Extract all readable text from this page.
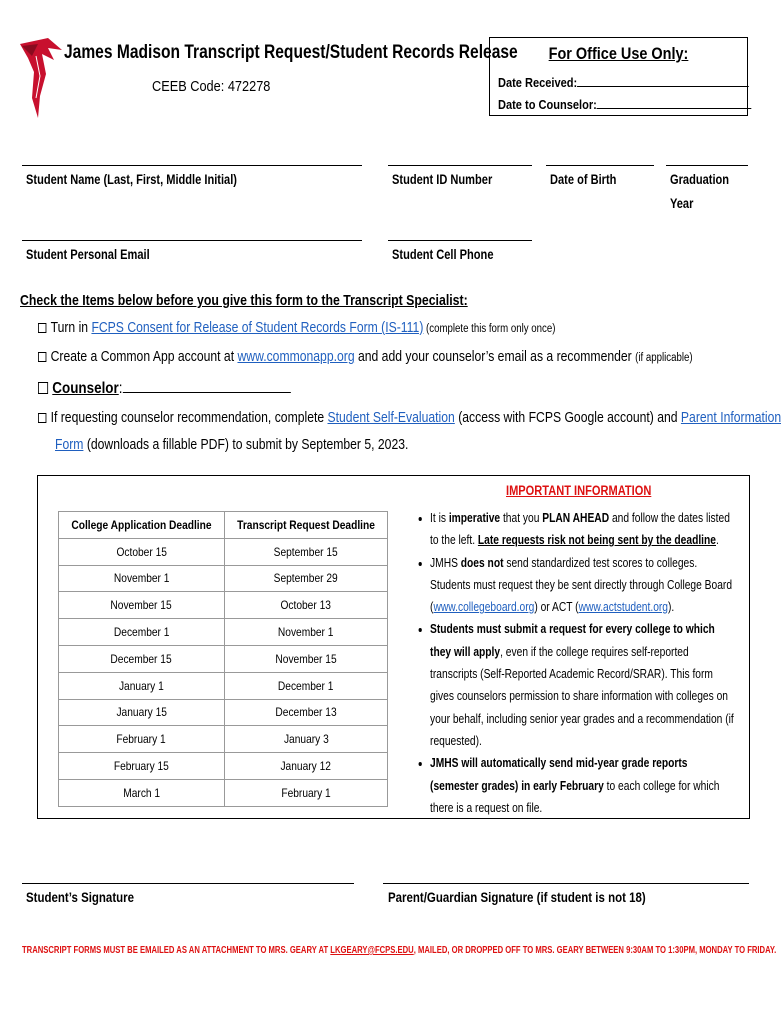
James Madison Transcript Request/Student Records Release
CEEB Code: 472278
For Office Use Only:
Date Received:
Date to Counselor:
Student Name (Last, First, Middle Initial)	Student ID Number	Date of Birth	Graduation
Year
Student Personal Email	Student Cell Phone
Check the Items below before you give this form to the Transcript Specialist:
Turn in FCPS Consent for Release of Student Records Form (IS-111) (complete this form only once)
Create a Common App account at www.commonapp.org and add your counselor’s email as a recommender (if applicable)
Counselor:
If requesting counselor recommendation, complete Student Self-Evaluation (access with FCPS Google account) and Parent Information
Form (downloads a fillable PDF) to submit by September 5, 2023.
College Application Deadline	Transcript Request Deadline
October 15	September 15
November 1	September 29
November 15	October 13
December 1	November 1
December 15	November 15
January 1	December 1
January 15	December 13
February 1	January 3
February 15	January 12
March 1	February 1
IMPORTANT INFORMATION
• It is imperative that you PLAN AHEAD and follow the dates listed to the left. Late requests risk not being sent by the deadline.
• JMHS does not send standardized test scores to colleges. Students must request they be sent directly through College Board (www.collegeboard.org) or ACT (www.actstudent.org).
• Students must submit a request for every college to which they will apply, even if the college requires self-reported transcripts (Self-Reported Academic Record/SRAR). This form gives counselors permission to share information with colleges on your behalf, including senior year grades and a recommendation (if requested).
• JMHS will automatically send mid-year grade reports (semester grades) in early February to each college for which there is a request on file.
Student’s Signature	Parent/Guardian Signature (if student is not 18)
TRANSCRIPT FORMS MUST BE EMAILED AS AN ATTACHMENT TO MRS. GEARY AT LKGEARY@FCPS.EDU, MAILED, OR DROPPED OFF TO MRS. GEARY BETWEEN 9:30AM TO 1:30PM, MONDAY TO FRIDAY.
